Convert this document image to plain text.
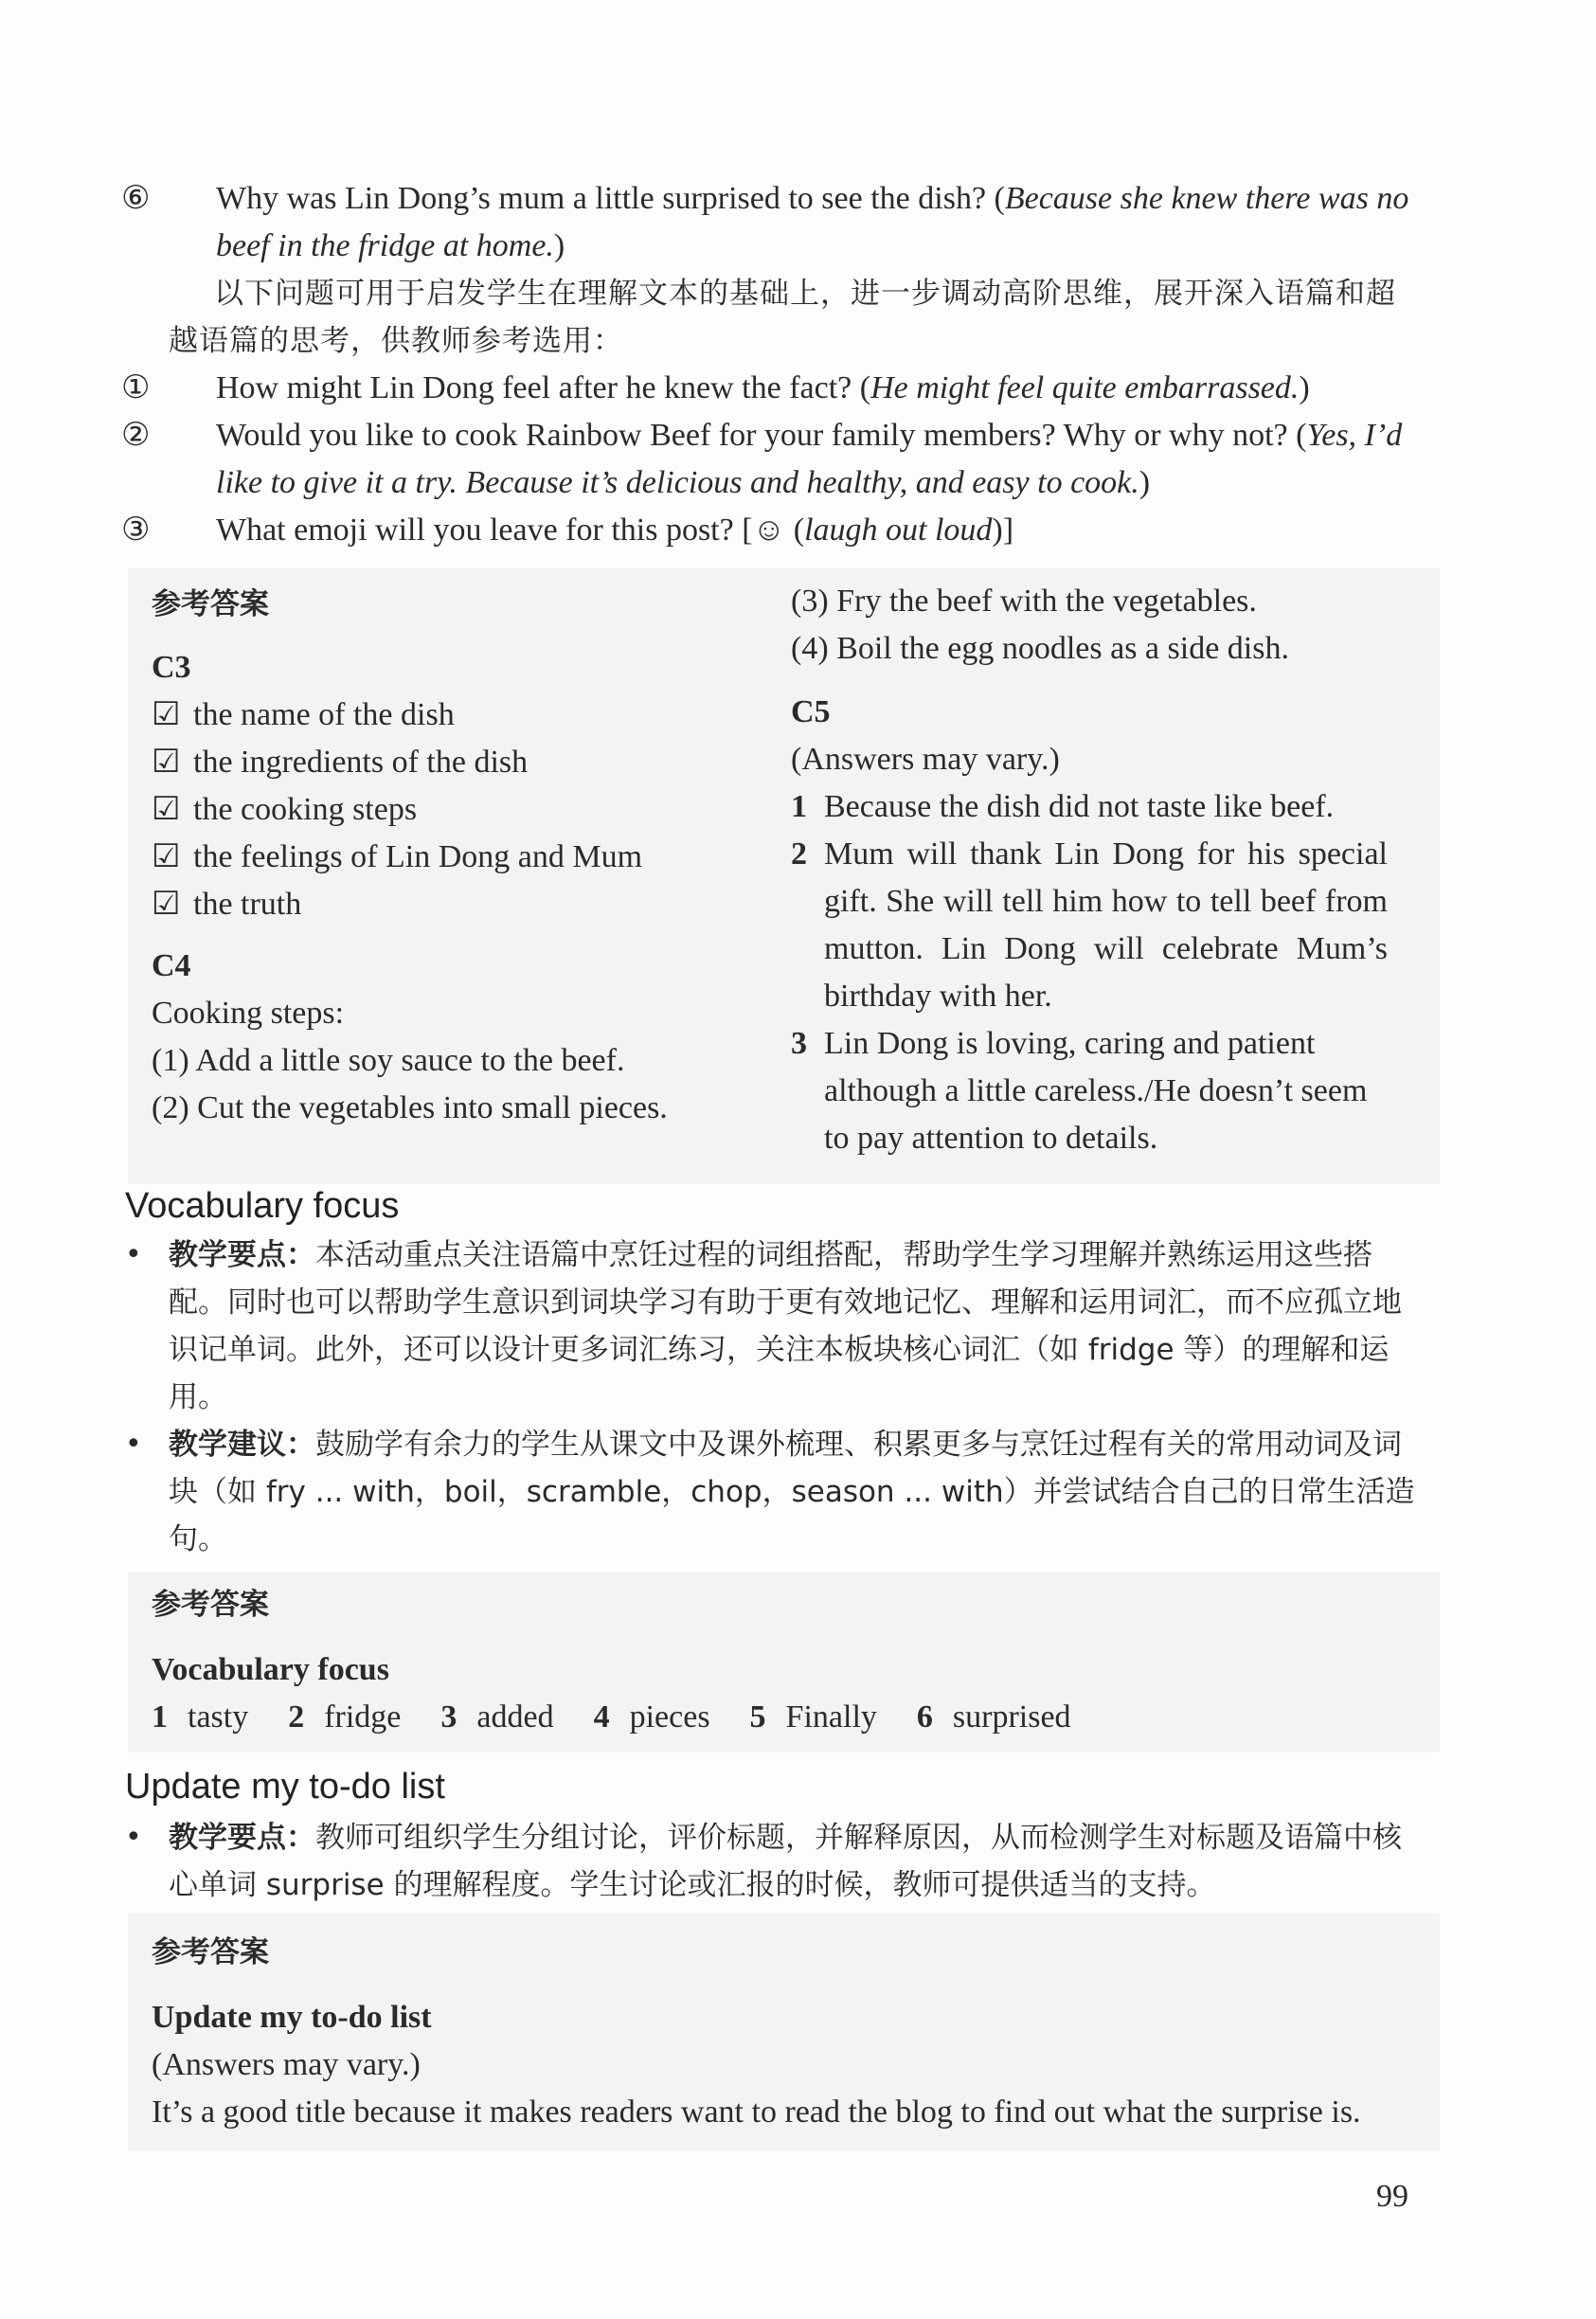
⑥ Why was Lin Dong’s mum a little surprised to see the dish? (Because she knew there was no beef in the fridge at home.)
以下问题可用于启发学生在理解文本的基础上，进一步调动高阶思维，展开深入语篇和超越语篇的思考，供教师参考选用：
① How might Lin Dong feel after he knew the fact? (He might feel quite embarrassed.)
② Would you like to cook Rainbow Beef for your family members? Why or why not? (Yes, I’d like to give it a try. Because it’s delicious and healthy, and easy to cook.)
③ What emoji will you leave for this post? [☺ (laugh out loud)]
参考答案
C3
☑ the name of the dish
☑ the ingredients of the dish
☑ the cooking steps
☑ the feelings of Lin Dong and Mum
☑ the truth
C4
Cooking steps:
(1) Add a little soy sauce to the beef.
(2) Cut the vegetables into small pieces.
(3) Fry the beef with the vegetables.
(4) Boil the egg noodles as a side dish.
C5
(Answers may vary.)
1 Because the dish did not taste like beef.
2 Mum will thank Lin Dong for his special gift. She will tell him how to tell beef from mutton. Lin Dong will celebrate Mum’s birthday with her.
3 Lin Dong is loving, caring and patient although a little careless./He doesn’t seem to pay attention to details.
Vocabulary focus
• 教学要点：本活动重点关注语篇中烹饪过程的词组搭配，帮助学生学习理解并熟练运用这些搭配。同时也可以帮助学生意识到词块学习有助于更有效地记忆、理解和运用词汇，而不应孤立地识记单词。此外，还可以设计更多词汇练习，关注本板块核心词汇（如 fridge 等）的理解和运用。
• 教学建议：鼓励学有余力的学生从课文中及课外梳理、积累更多与烹饪过程有关的常用动词及词块（如 fry ... with，boil，scramble，chop，season ... with）并尝试结合自己的日常生活造句。
参考答案
Vocabulary focus
1 tasty 2 fridge 3 added 4 pieces 5 Finally 6 surprised
Update my to-do list
• 教学要点：教师可组织学生分组讨论，评价标题，并解释原因，从而检测学生对标题及语篇中核心单词 surprise 的理解程度。学生讨论或汇报的时候，教师可提供适当的支持。
参考答案
Update my to-do list
(Answers may vary.)
It’s a good title because it makes readers want to read the blog to find out what the surprise is.
99
